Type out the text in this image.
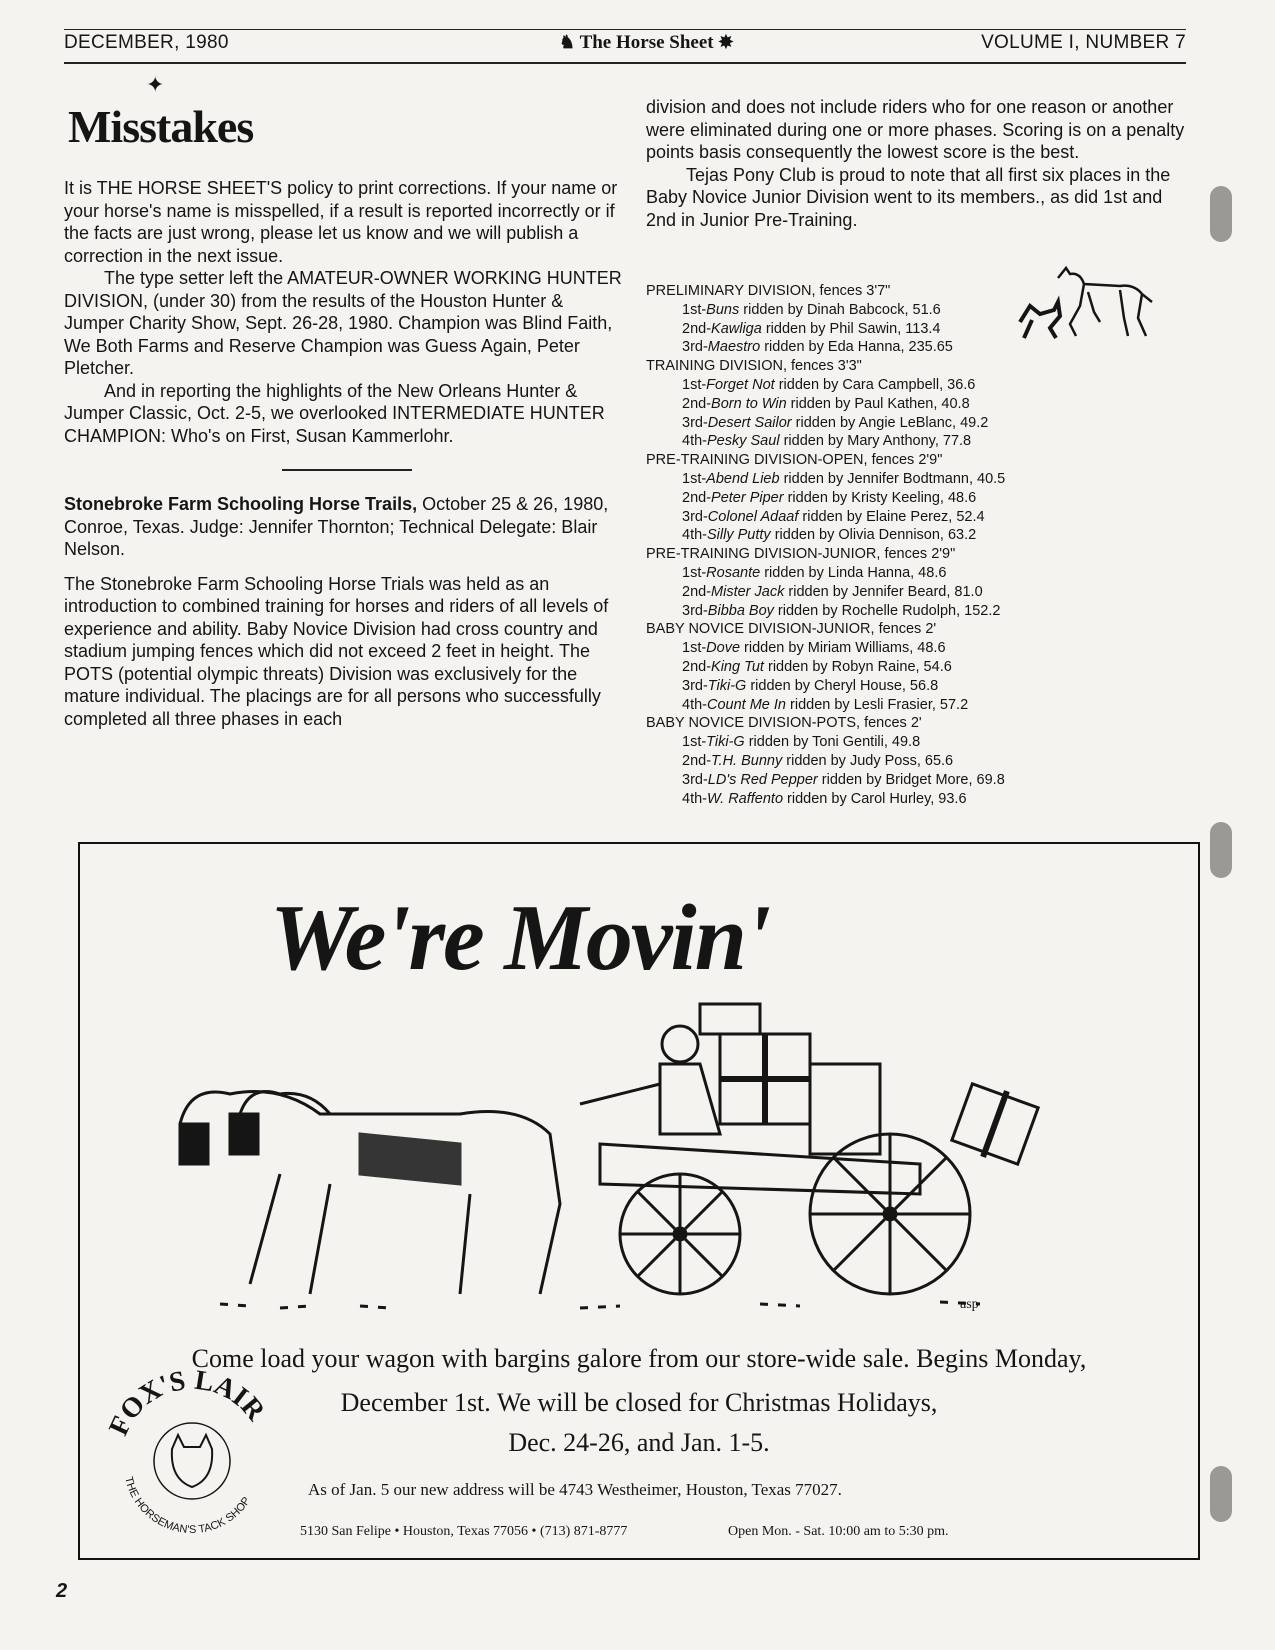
DECEMBER, 1980	♞ The Horse Sheet ✸	VOLUME I, NUMBER 7
✦
Misstakes
It is THE HORSE SHEET'S policy to print corrections. If your name or your horse's name is misspelled, if a result is reported incorrectly or if the facts are just wrong, please let us know and we will publish a correction in the next issue.
The type setter left the AMATEUR-OWNER WORKING HUNTER DIVISION, (under 30) from the results of the Houston Hunter & Jumper Charity Show, Sept. 26-28, 1980. Champion was Blind Faith, We Both Farms and Reserve Champion was Guess Again, Peter Pletcher.
And in reporting the highlights of the New Orleans Hunter & Jumper Classic, Oct. 2-5, we overlooked INTERMEDIATE HUNTER CHAMPION: Who's on First, Susan Kammerlohr.
Stonebroke Farm Schooling Horse Trails, October 25 & 26, 1980, Conroe, Texas. Judge: Jennifer Thornton; Technical Delegate: Blair Nelson.
The Stonebroke Farm Schooling Horse Trials was held as an introduction to combined training for horses and riders of all levels of experience and ability. Baby Novice Division had cross country and stadium jumping fences which did not exceed 2 feet in height. The POTS (potential olympic threats) Division was exclusively for the mature individual. The placings are for all persons who successfully completed all three phases in each
division and does not include riders who for one reason or another were eliminated during one or more phases. Scoring is on a penalty points basis consequently the lowest score is the best.
Tejas Pony Club is proud to note that all first six places in the Baby Novice Junior Division went to its members., as did 1st and 2nd in Junior Pre-Training.
PRELIMINARY DIVISION, fences 3'7"
1st-Buns ridden by Dinah Babcock, 51.6
2nd-Kawliga ridden by Phil Sawin, 113.4
3rd-Maestro ridden by Eda Hanna, 235.65
TRAINING DIVISION, fences 3'3"
1st-Forget Not ridden by Cara Campbell, 36.6
2nd-Born to Win ridden by Paul Kathen, 40.8
3rd-Desert Sailor ridden by Angie LeBlanc, 49.2
4th-Pesky Saul ridden by Mary Anthony, 77.8
PRE-TRAINING DIVISION-OPEN, fences 2'9"
1st-Abend Lieb ridden by Jennifer Bodtmann, 40.5
2nd-Peter Piper ridden by Kristy Keeling, 48.6
3rd-Colonel Adaaf ridden by Elaine Perez, 52.4
4th-Silly Putty ridden by Olivia Dennison, 63.2
PRE-TRAINING DIVISION-JUNIOR, fences 2'9"
1st-Rosante ridden by Linda Hanna, 48.6
2nd-Mister Jack ridden by Jennifer Beard, 81.0
3rd-Bibba Boy ridden by Rochelle Rudolph, 152.2
BABY NOVICE DIVISION-JUNIOR, fences 2'
1st-Dove ridden by Miriam Williams, 48.6
2nd-King Tut ridden by Robyn Raine, 54.6
3rd-Tiki-G ridden by Cheryl House, 56.8
4th-Count Me In ridden by Lesli Frasier, 57.2
BABY NOVICE DIVISION-POTS, fences 2'
1st-Tiki-G ridden by Toni Gentili, 49.8
2nd-T.H. Bunny ridden by Judy Poss, 65.6
3rd-LD's Red Pepper ridden by Bridget More, 69.8
4th-W. Raffento ridden by Carol Hurley, 93.6
We're Movin'
asp
Come load your wagon with bargins galore from our store-wide sale. Begins Monday,
December 1st. We will be closed for Christmas Holidays,
Dec. 24-26, and Jan. 1-5.
FOX'S LAIR
THE HORSEMAN'S TACK SHOP
As of Jan. 5 our new address will be 4743 Westheimer, Houston, Texas 77027.
5130 San Felipe • Houston, Texas 77056 • (713) 871-8777	Open Mon. - Sat. 10:00 am to 5:30 pm.
2
